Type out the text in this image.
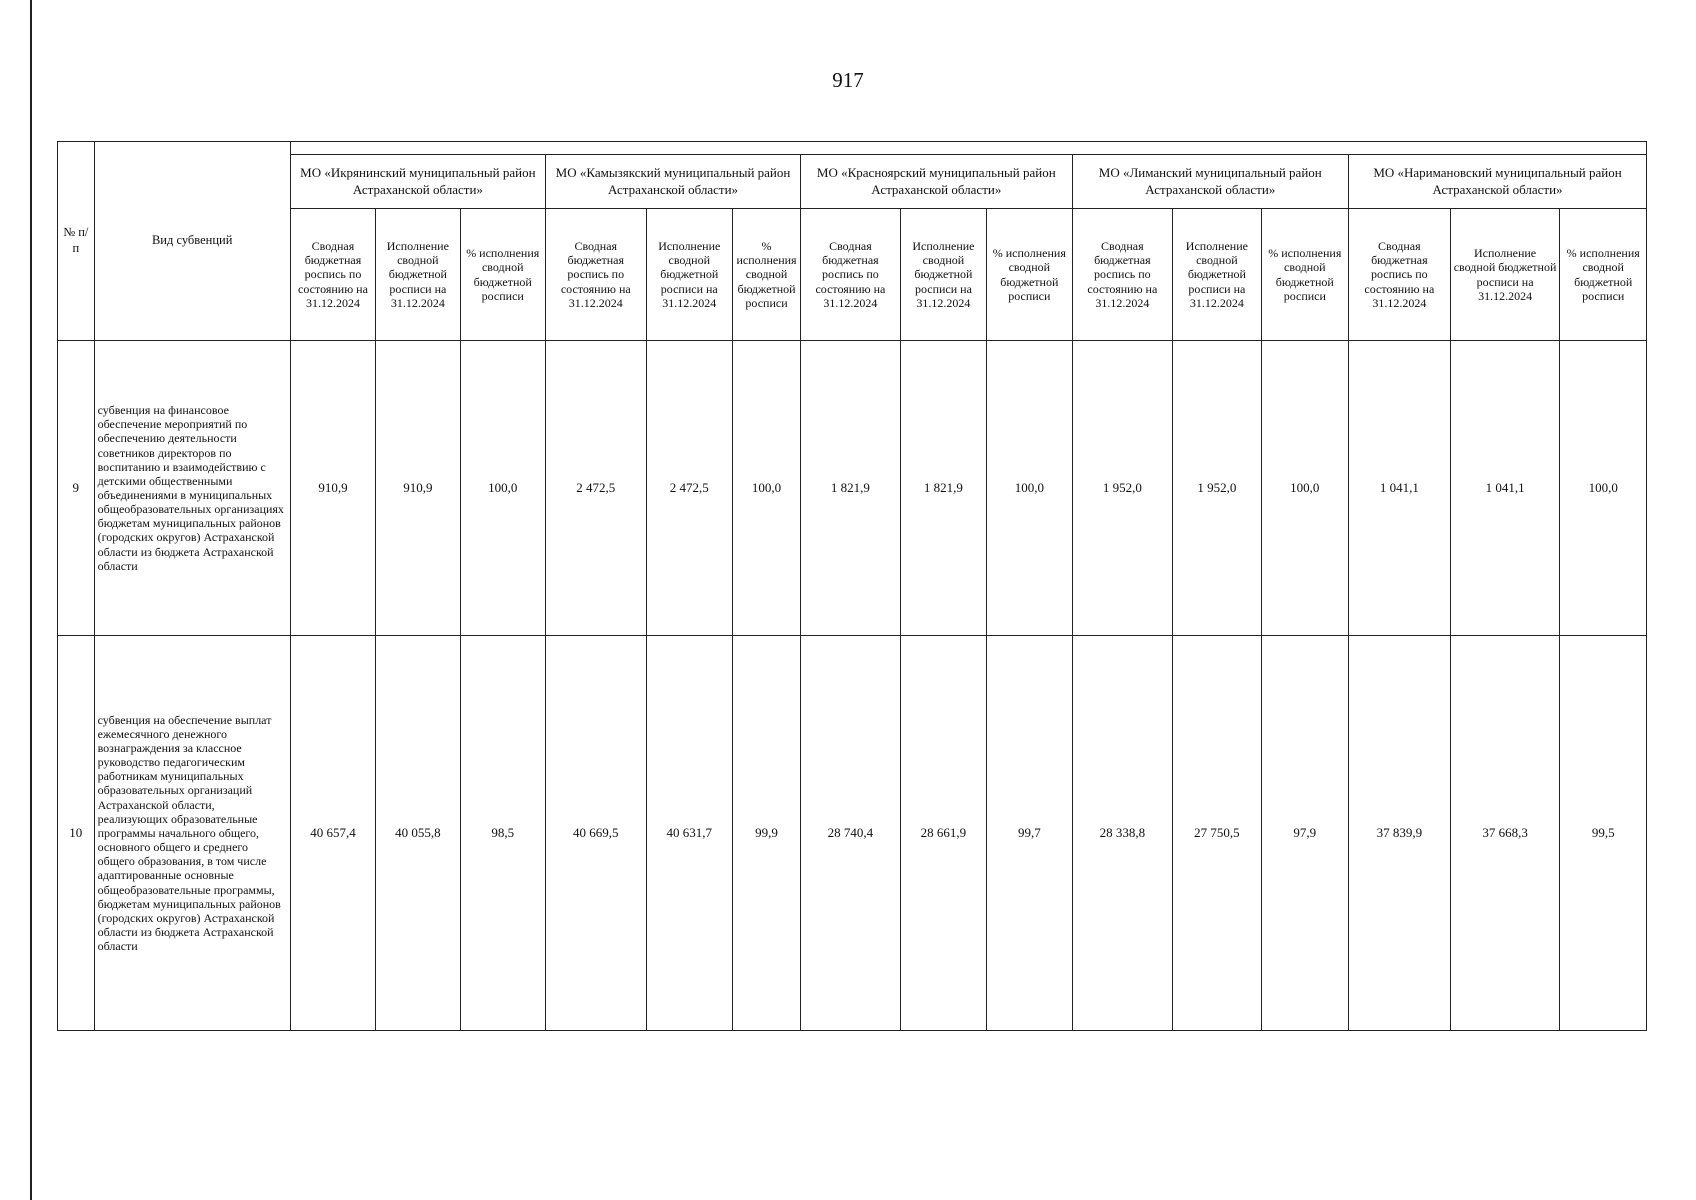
917
№ п/п	Вид субвенций															
		МО «Икрянинский муниципальный район Астраханской области»			МО «Камызякский муниципальный район Астраханской области»			МО «Красноярский муниципальный район Астраханской области»			МО «Лиманский муниципальный район Астраханской области»			МО «Наримановский муниципальный район Астраханской области»		
		Сводная бюджетная роспись по состоянию на 31.12.2024	Исполнение сводной бюджетной росписи на 31.12.2024	% исполнения сводной бюджетной росписи	Сводная бюджетная роспись по состоянию на 31.12.2024	Исполнение сводной бюджетной росписи на 31.12.2024	% исполнения сводной бюджетной росписи	Сводная бюджетная роспись по состоянию на 31.12.2024	Исполнение сводной бюджетной росписи на 31.12.2024	% исполнения сводной бюджетной росписи	Сводная бюджетная роспись по состоянию на 31.12.2024	Исполнение сводной бюджетной росписи на 31.12.2024	% исполнения сводной бюджетной росписи	Сводная бюджетная роспись по состоянию на 31.12.2024	Исполнение сводной бюджетной росписи на 31.12.2024	% исполнения сводной бюджетной росписи
9	субвенция на финансовое обеспечение мероприятий по обеспечению деятельности советников директоров по воспитанию и взаимодействию с детскими общественными объединениями в муниципальных общеобразовательных организациях бюджетам муниципальных районов (городских округов) Астраханской области из бюджета Астраханской области	910,9	910,9	100,0	2 472,5	2 472,5	100,0	1 821,9	1 821,9	100,0	1 952,0	1 952,0	100,0	1 041,1	1 041,1	100,0
10	субвенция на обеспечение выплат ежемесячного денежного вознаграждения за классное руководство педагогическим работникам муниципальных образовательных организаций Астраханской области, реализующих образовательные программы начального общего, основного общего и среднего общего образования, в том числе адаптированные основные общеобразовательные программы, бюджетам муниципальных районов (городских округов) Астраханской области из бюджета Астраханской области	40 657,4	40 055,8	98,5	40 669,5	40 631,7	99,9	28 740,4	28 661,9	99,7	28 338,8	27 750,5	97,9	37 839,9	37 668,3	99,5
